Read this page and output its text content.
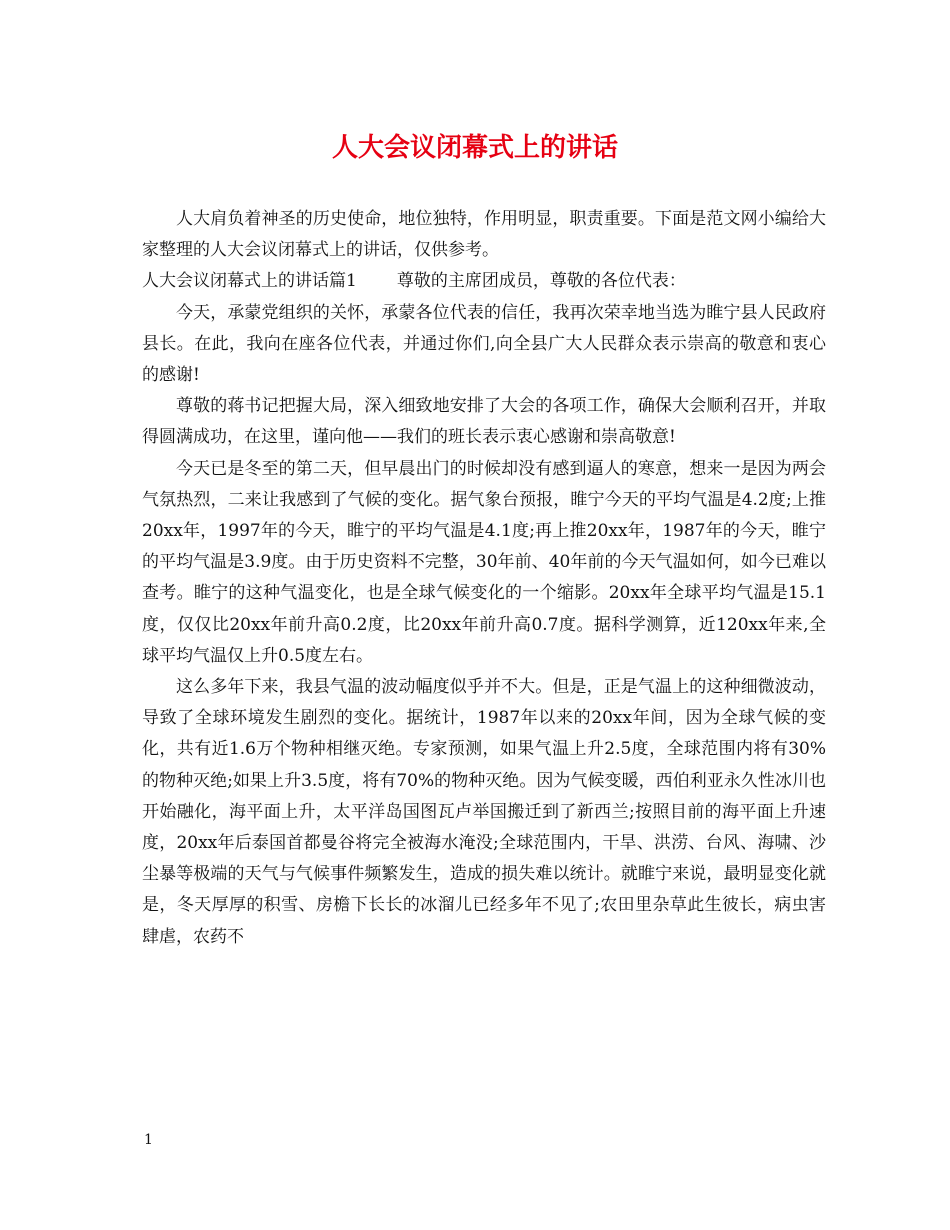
人大会议闭幕式上的讲话

人大肩负着神圣的历史使命，地位独特，作用明显，职责重要。下面是范文网小编给大家整理的人大会议闭幕式上的讲话，仅供参考。

人大会议闭幕式上的讲话篇1 尊敬的主席团成员，尊敬的各位代表：

今天，承蒙党组织的关怀，承蒙各位代表的信任，我再次荣幸地当选为睢宁县人民政府县长。在此，我向在座各位代表，并通过你们,向全县广大人民群众表示崇高的敬意和衷心的感谢!

尊敬的蒋书记把握大局，深入细致地安排了大会的各项工作，确保大会顺利召开，并取得圆满成功，在这里，谨向他——我们的班长表示衷心感谢和崇高敬意!

今天已是冬至的第二天，但早晨出门的时候却没有感到逼人的寒意，想来一是因为两会气氛热烈，二来让我感到了气候的变化。据气象台预报，睢宁今天的平均气温是4.2度;上推20xx年，1997年的今天，睢宁的平均气温是4.1度;再上推20xx年，1987年的今天，睢宁的平均气温是3.9度。由于历史资料不完整，30年前、40年前的今天气温如何，如今已难以查考。睢宁的这种气温变化，也是全球气候变化的一个缩影。20xx年全球平均气温是15.1度，仅仅比20xx年前升高0.2度，比20xx年前升高0.7度。据科学测算，近120xx年来,全球平均气温仅上升0.5度左右。

这么多年下来，我县气温的波动幅度似乎并不大。但是，正是气温上的这种细微波动，导致了全球环境发生剧烈的变化。据统计，1987年以来的20xx年间，因为全球气候的变化，共有近1.6万个物种相继灭绝。专家预测，如果气温上升2.5度，全球范围内将有30%的物种灭绝;如果上升3.5度，将有70%的物种灭绝。因为气候变暖，西伯利亚永久性冰川也开始融化，海平面上升，太平洋岛国图瓦卢举国搬迁到了新西兰;按照目前的海平面上升速度，20xx年后泰国首都曼谷将完全被海水淹没;全球范围内，干旱、洪涝、台风、海啸、沙尘暴等极端的天气与气候事件频繁发生，造成的损失难以统计。就睢宁来说，最明显变化就是，冬天厚厚的积雪、房檐下长长的冰溜儿已经多年不见了;农田里杂草此生彼长，病虫害肆虐，农药不

1
